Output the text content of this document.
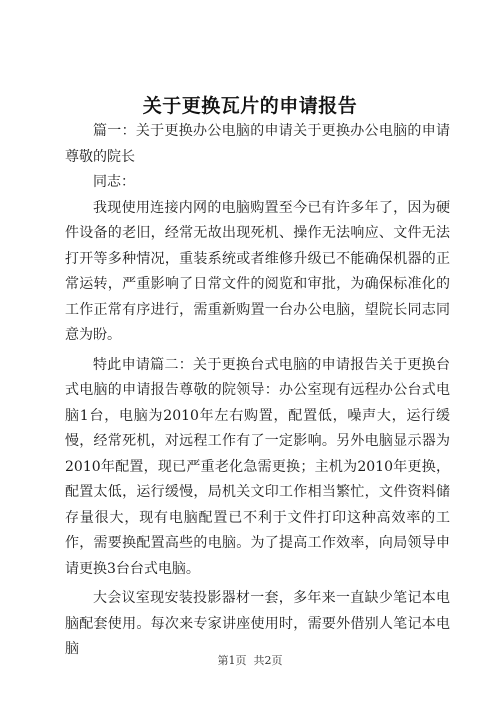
关于更换瓦片的申请报告

篇一：关于更换办公电脑的申请关于更换办公电脑的申请尊敬的院长

同志：

我现使用连接内网的电脑购置至今已有许多年了，因为硬件设备的老旧，经常无故出现死机、操作无法响应、文件无法打开等多种情况，重装系统或者维修升级已不能确保机器的正常运转，严重影响了日常文件的阅览和审批，为确保标准化的工作正常有序进行，需重新购置一台办公电脑，望院长同志同意为盼。

特此申请篇二：关于更换台式电脑的申请报告关于更换台式电脑的申请报告尊敬的院领导：办公室现有远程办公台式电脑1台，电脑为2010年左右购置，配置低，噪声大，运行缓慢，经常死机，对远程工作有了一定影响。另外电脑显示器为2010年配置，现已严重老化急需更换；主机为2010年更换，配置太低，运行缓慢，局机关文印工作相当繁忙，文件资料储存量很大，现有电脑配置已不利于文件打印这种高效率的工作，需要换配置高些的电脑。为了提高工作效率，向局领导申请更换3台台式电脑。

大会议室现安装投影器材一套，多年来一直缺少笔记本电脑配套使用。每次来专家讲座使用时，需要外借别人笔记本电脑

第1页  共2页
